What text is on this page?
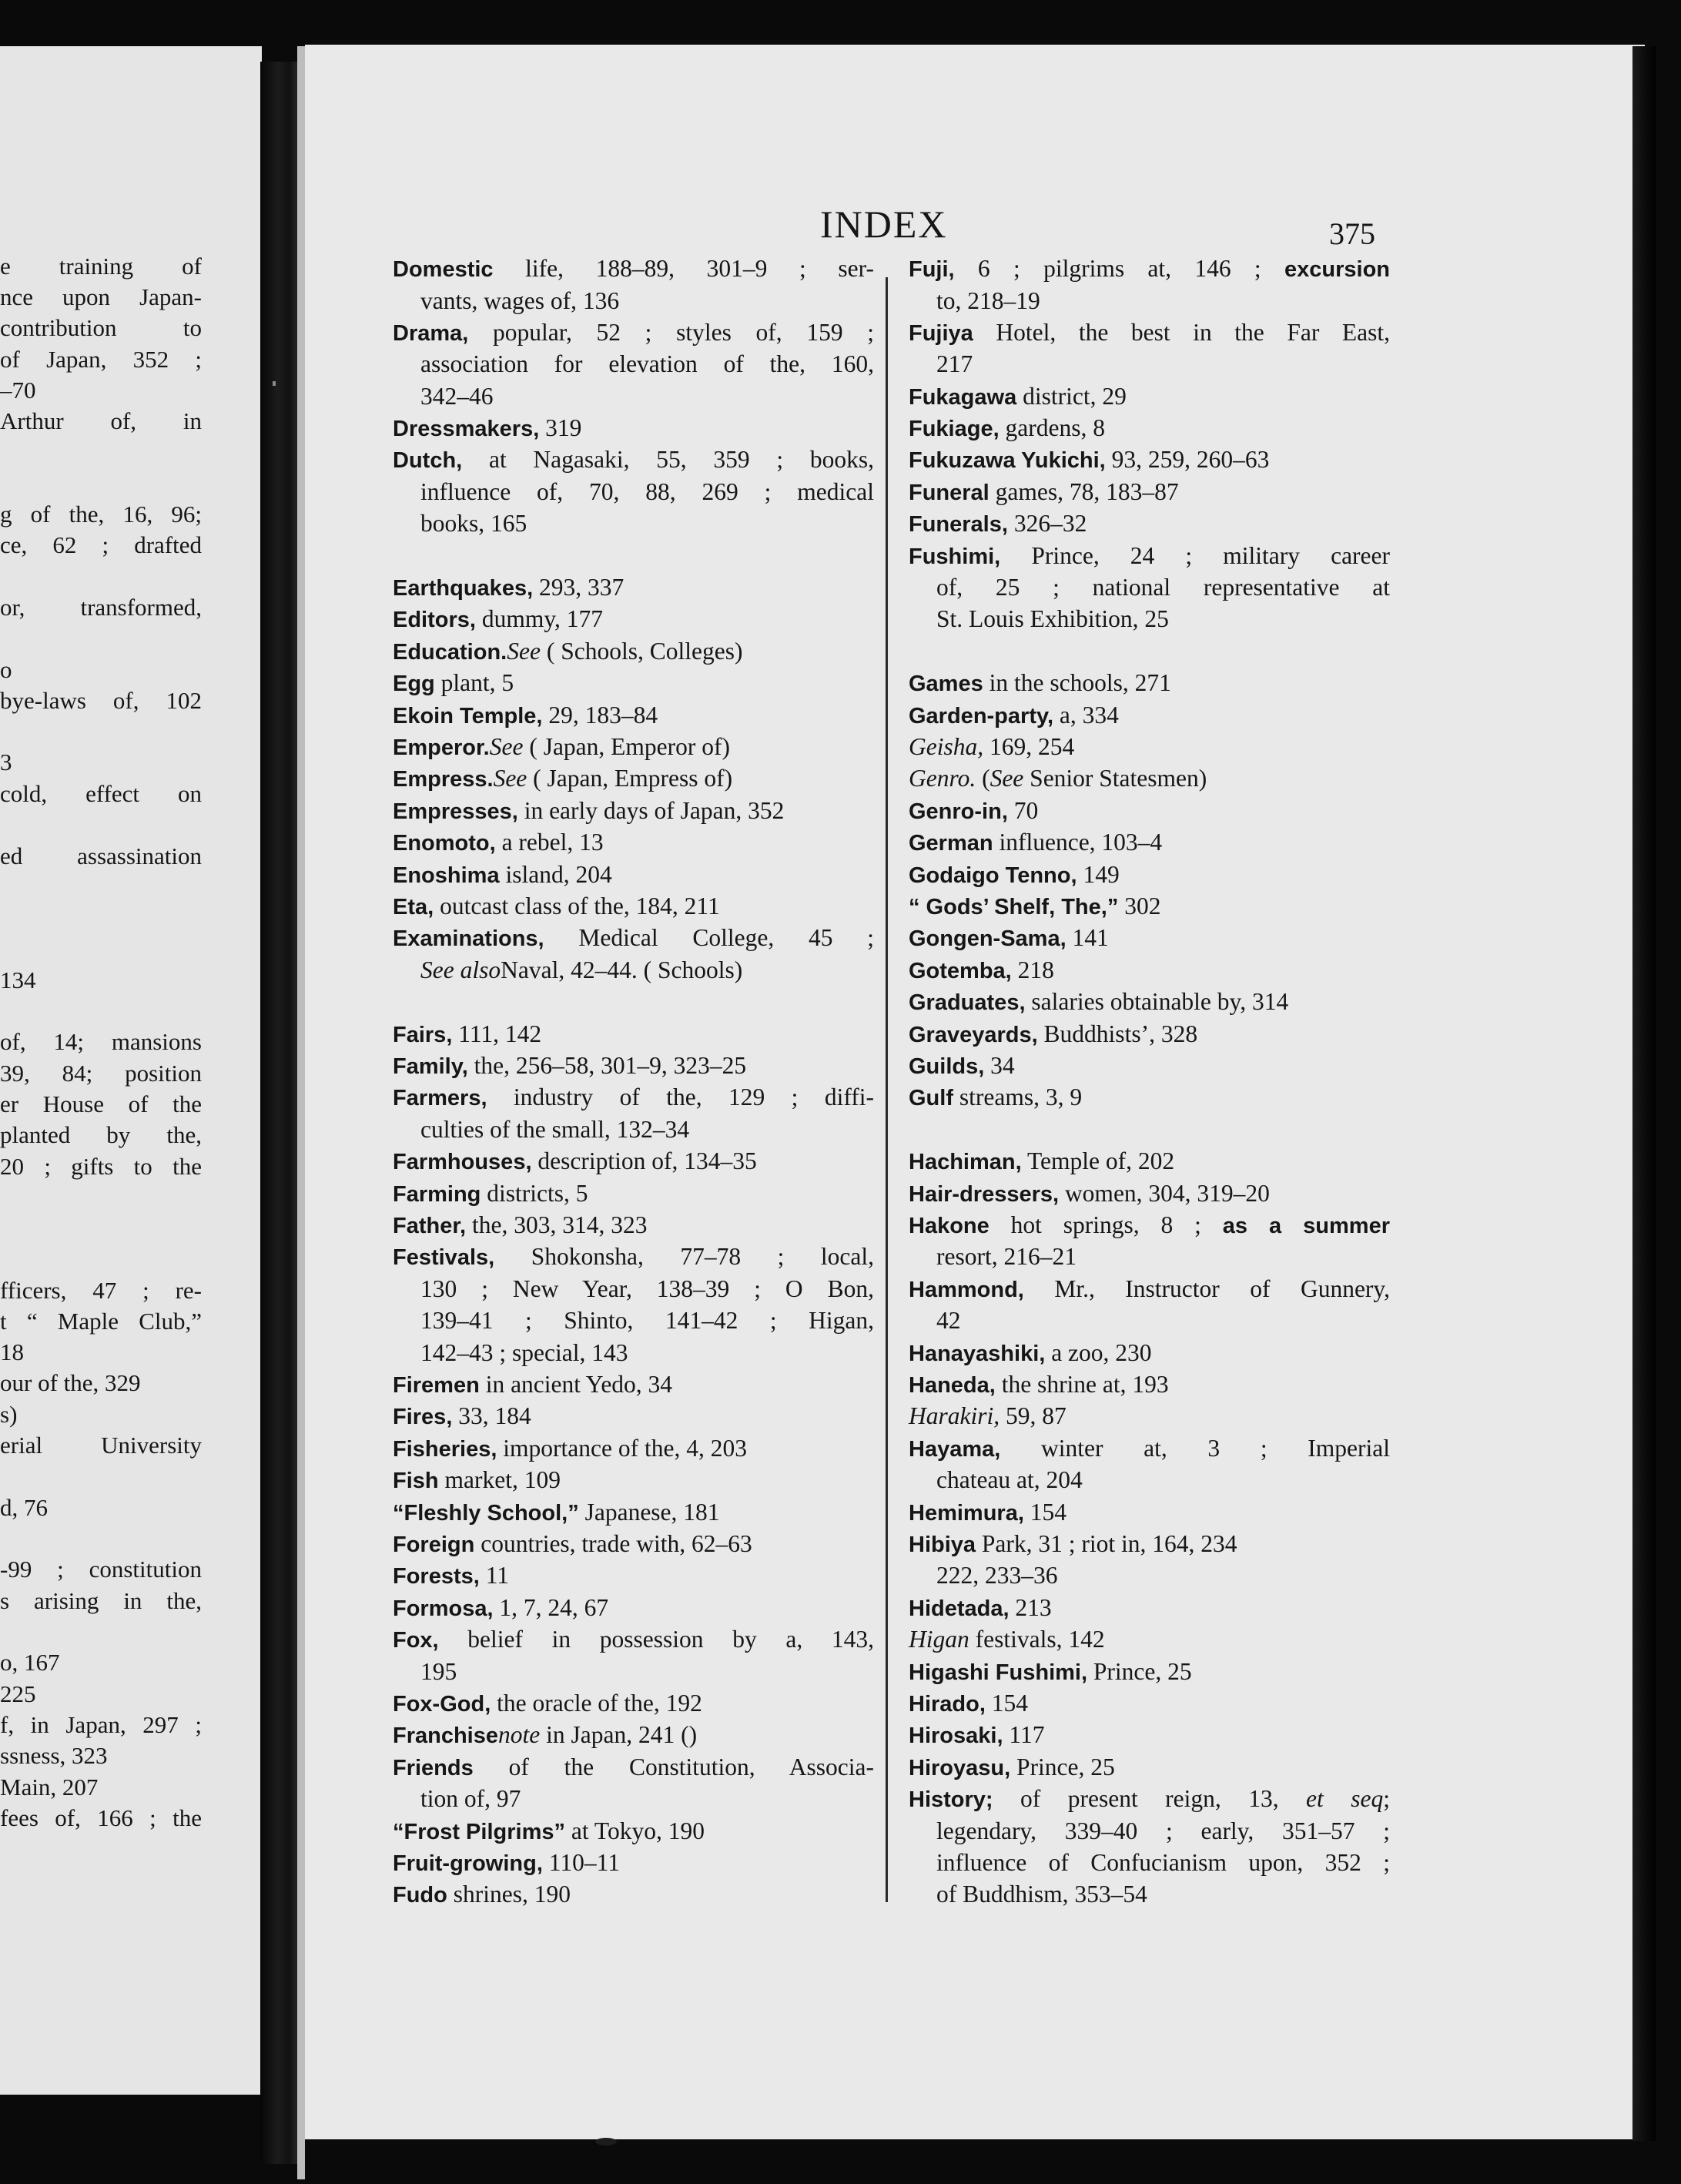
e training of
nce upon Japan-
contribution to
of Japan, 352 ;
–70
Arthur of, in
g of the, 16, 96;
ce, 62 ; drafted
or, transformed,
o
bye-laws of, 102
3
cold, effect on
ed assassination
134
of, 14; mansions
39, 84; position
er House of the
planted by the,
20 ; gifts to the
fficers, 47 ; re-
t “ Maple Club,”
18
our of the, 329
s)
erial University
d, 76
-99 ; constitution
s arising in the,
o, 167
225
f, in Japan, 297 ;
ssness, 323
Main, 207
fees of, 166 ; the
INDEX	375
Domestic life, 188–89, 301–9 ; ser-
vants, wages of, 136
Drama, popular, 52 ; styles of, 159 ;
association for elevation of the, 160,
342–46
Dressmakers, 319
Dutch, at Nagasaki, 55, 359 ; books,
influence of, 70, 88, 269 ; medical
books, 165
Earthquakes, 293, 337
Editors, dummy, 177
Education.See ( Schools, Colleges)
Egg plant, 5
Ekoin Temple, 29, 183–84
Emperor.See ( Japan, Emperor of)
Empress.See ( Japan, Empress of)
Empresses, in early days of Japan, 352
Enomoto, a rebel, 13
Enoshima island, 204
Eta, outcast class of the, 184, 211
Examinations, Medical College, 45 ;
See alsoNaval, 42–44. ( Schools)
Fairs, 111, 142
Family, the, 256–58, 301–9, 323–25
Farmers, industry of the, 129 ; diffi-
culties of the small, 132–34
Farmhouses, description of, 134–35
Farming districts, 5
Father, the, 303, 314, 323
Festivals, Shokonsha, 77–78 ; local,
130 ; New Year, 138–39 ; O Bon,
139–41 ; Shinto, 141–42 ; Higan,
142–43 ; special, 143
Firemen in ancient Yedo, 34
Fires, 33, 184
Fisheries, importance of the, 4, 203
Fish market, 109
“Fleshly School,” Japanese, 181
Foreign countries, trade with, 62–63
Forests, 11
Formosa, 1, 7, 24, 67
Fox, belief in possession by a, 143,
195
Fox-God, the oracle of the, 192
Franchisenote in Japan, 241 ()
Friends of the Constitution, Associa-
tion of, 97
“Frost Pilgrims” at Tokyo, 190
Fruit-growing, 110–11
Fudo shrines, 190
Fuji, 6 ; pilgrims at, 146 ; excursion
to, 218–19
Fujiya Hotel, the best in the Far East,
217
Fukagawa district, 29
Fukiage, gardens, 8
Fukuzawa Yukichi, 93, 259, 260–63
Funeral games, 78, 183–87
Funerals, 326–32
Fushimi, Prince, 24 ; military career
of, 25 ; national representative at
St. Louis Exhibition, 25
Games in the schools, 271
Garden-party, a, 334
Geisha, 169, 254
Genro. (See Senior Statesmen)
Genro-in, 70
German influence, 103–4
Godaigo Tenno, 149
“ Gods’ Shelf, The,” 302
Gongen-Sama, 141
Gotemba, 218
Graduates, salaries obtainable by, 314
Graveyards, Buddhists’, 328
Guilds, 34
Gulf streams, 3, 9
Hachiman, Temple of, 202
Hair-dressers, women, 304, 319–20
Hakone hot springs, 8 ; as a summer
resort, 216–21
Hammond, Mr., Instructor of Gunnery,
42
Hanayashiki, a zoo, 230
Haneda, the shrine at, 193
Harakiri, 59, 87
Hayama, winter at, 3 ; Imperial
chateau at, 204
Hemimura, 154
Hibiya Park, 31 ; riot in, 164, 234
222, 233–36
Hidetada, 213
Higan festivals, 142
Higashi Fushimi, Prince, 25
Hirado, 154
Hirosaki, 117
Hiroyasu, Prince, 25
History; of present reign, 13, et seq;
legendary, 339–40 ; early, 351–57 ;
influence of Confucianism upon, 352 ;
of Buddhism, 353–54
